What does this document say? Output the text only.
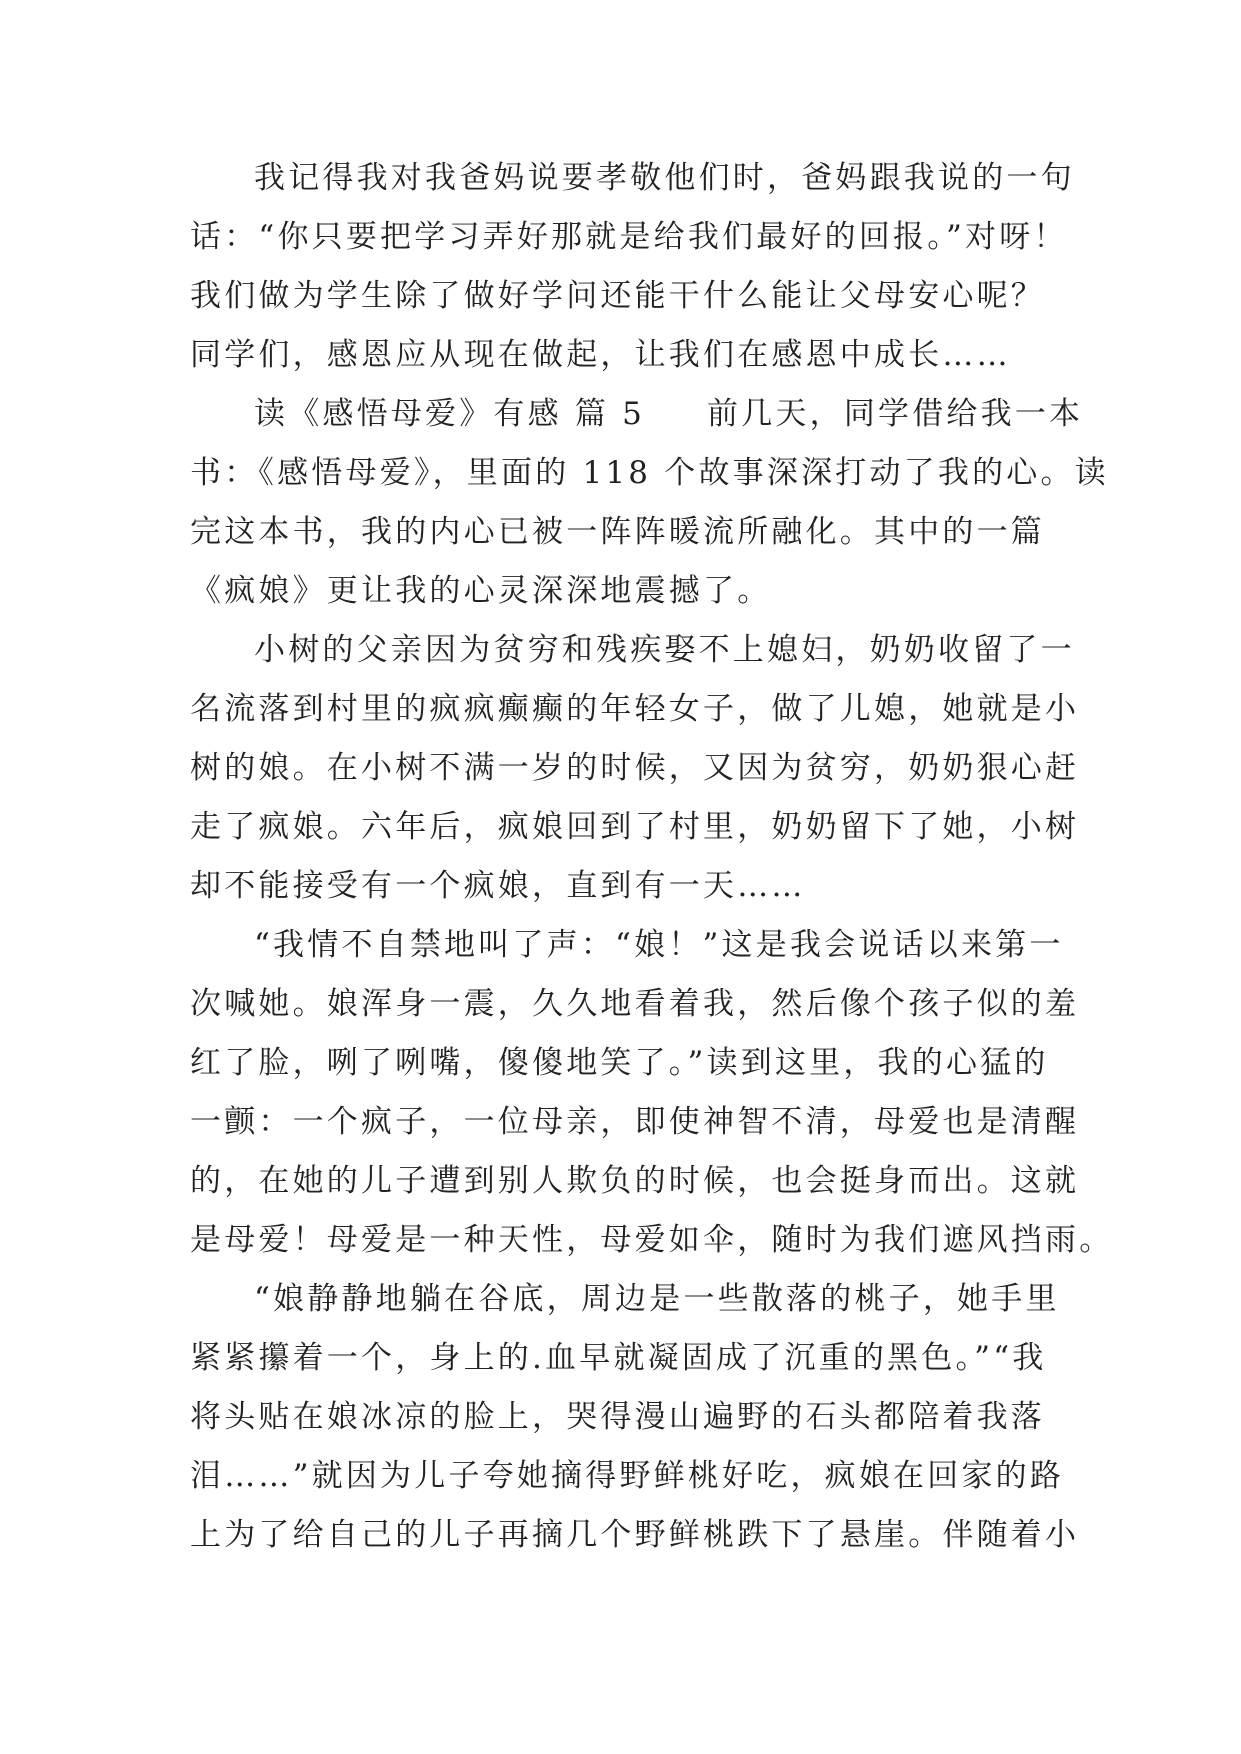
我记得我对我爸妈说要孝敬他们时，爸妈跟我说的一句
话：“你只要把学习弄好那就是给我们最好的回报。”对呀！
我们做为学生除了做好学问还能干什么能让父母安心呢？
同学们，感恩应从现在做起，让我们在感恩中成长……
读《感悟母爱》有感 篇 5 前几天，同学借给我一本
书：《感悟母爱》，里面的 118 个故事深深打动了我的心。读
完这本书，我的内心已被一阵阵暖流所融化。其中的一篇
《疯娘》更让我的心灵深深地震撼了。
小树的父亲因为贫穷和残疾娶不上媳妇，奶奶收留了一
名流落到村里的疯疯癫癫的年轻女子，做了儿媳，她就是小
树的娘。在小树不满一岁的时候，又因为贫穷，奶奶狠心赶
走了疯娘。六年后，疯娘回到了村里，奶奶留下了她，小树
却不能接受有一个疯娘，直到有一天……
“我情不自禁地叫了声：“娘！”这是我会说话以来第一
次喊她。娘浑身一震，久久地看着我，然后像个孩子似的羞
红了脸，咧了咧嘴，傻傻地笑了。”读到这里，我的心猛的
一颤：一个疯子，一位母亲，即使神智不清，母爱也是清醒
的，在她的儿子遭到别人欺负的时候，也会挺身而出。这就
是母爱！母爱是一种天性，母爱如伞，随时为我们遮风挡雨。
“娘静静地躺在谷底，周边是一些散落的桃子，她手里
紧紧攥着一个，身上的.血早就凝固成了沉重的黑色。”“我
将头贴在娘冰凉的脸上，哭得漫山遍野的石头都陪着我落
泪……”就因为儿子夸她摘得野鲜桃好吃，疯娘在回家的路
上为了给自己的儿子再摘几个野鲜桃跌下了悬崖。伴随着小
